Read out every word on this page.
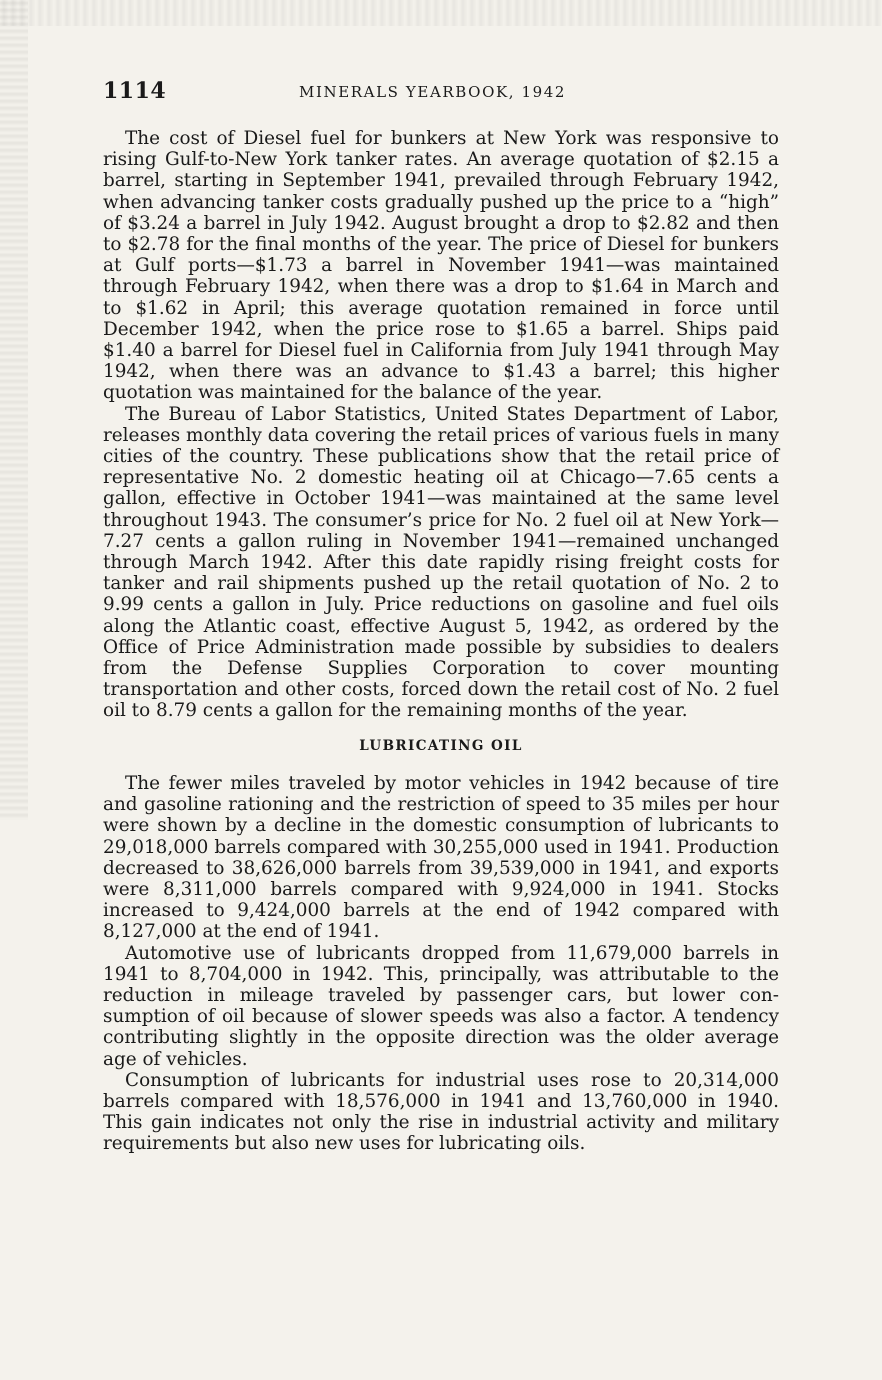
1114	MINERALS YEARBOOK, 1942

The cost of Diesel fuel for bunkers at New York was responsive to rising Gulf-to-New York tanker rates. An average quotation of $2.15 a barrel, starting in September 1941, prevailed through February 1942, when advancing tanker costs gradually pushed up the price to a “high” of $3.24 a barrel in July 1942. August brought a drop to $2.82 and then to $2.78 for the final months of the year. The price of Diesel for bunkers at Gulf ports—$1.73 a barrel in November 1941—was maintained through February 1942, when there was a drop to $1.64 in March and to $1.62 in April; this average quotation remained in force until December 1942, when the price rose to $1.65 a barrel. Ships paid $1.40 a barrel for Diesel fuel in California from July 1941 through May 1942, when there was an advance to $1.43 a barrel; this higher quotation was maintained for the balance of the year.

The Bureau of Labor Statistics, United States Department of Labor, releases monthly data covering the retail prices of various fuels in many cities of the country. These publications show that the retail price of representative No. 2 domestic heating oil at Chicago—7.65 cents a gallon, effective in October 1941—was maintained at the same level throughout 1943. The consumer’s price for No. 2 fuel oil at New York—7.27 cents a gallon ruling in November 1941—remained unchanged through March 1942. After this date rapidly rising freight costs for tanker and rail shipments pushed up the retail quotation of No. 2 to 9.99 cents a gallon in July. Price reductions on gasoline and fuel oils along the Atlantic coast, effective August 5, 1942, as ordered by the Office of Price Administration made possible by subsidies to dealers from the Defense Supplies Corporation to cover mounting transportation and other costs, forced down the retail cost of No. 2 fuel oil to 8.79 cents a gallon for the remaining months of the year.

LUBRICATING OIL

The fewer miles traveled by motor vehicles in 1942 because of tire and gasoline rationing and the restriction of speed to 35 miles per hour were shown by a decline in the domestic consumption of lubricants to 29,018,000 barrels compared with 30,255,000 used in 1941. Production decreased to 38,626,000 barrels from 39,539,000 in 1941, and exports were 8,311,000 barrels compared with 9,924,000 in 1941. Stocks increased to 9,424,000 barrels at the end of 1942 compared with 8,127,000 at the end of 1941.

Automotive use of lubricants dropped from 11,679,000 barrels in 1941 to 8,704,000 in 1942. This, principally, was attributable to the reduction in mileage traveled by passenger cars, but lower consumption of oil because of slower speeds was also a factor. A tendency contributing slightly in the opposite direction was the older average age of vehicles.

Consumption of lubricants for industrial uses rose to 20,314,000 barrels compared with 18,576,000 in 1941 and 13,760,000 in 1940. This gain indicates not only the rise in industrial activity and military requirements but also new uses for lubricating oils.
